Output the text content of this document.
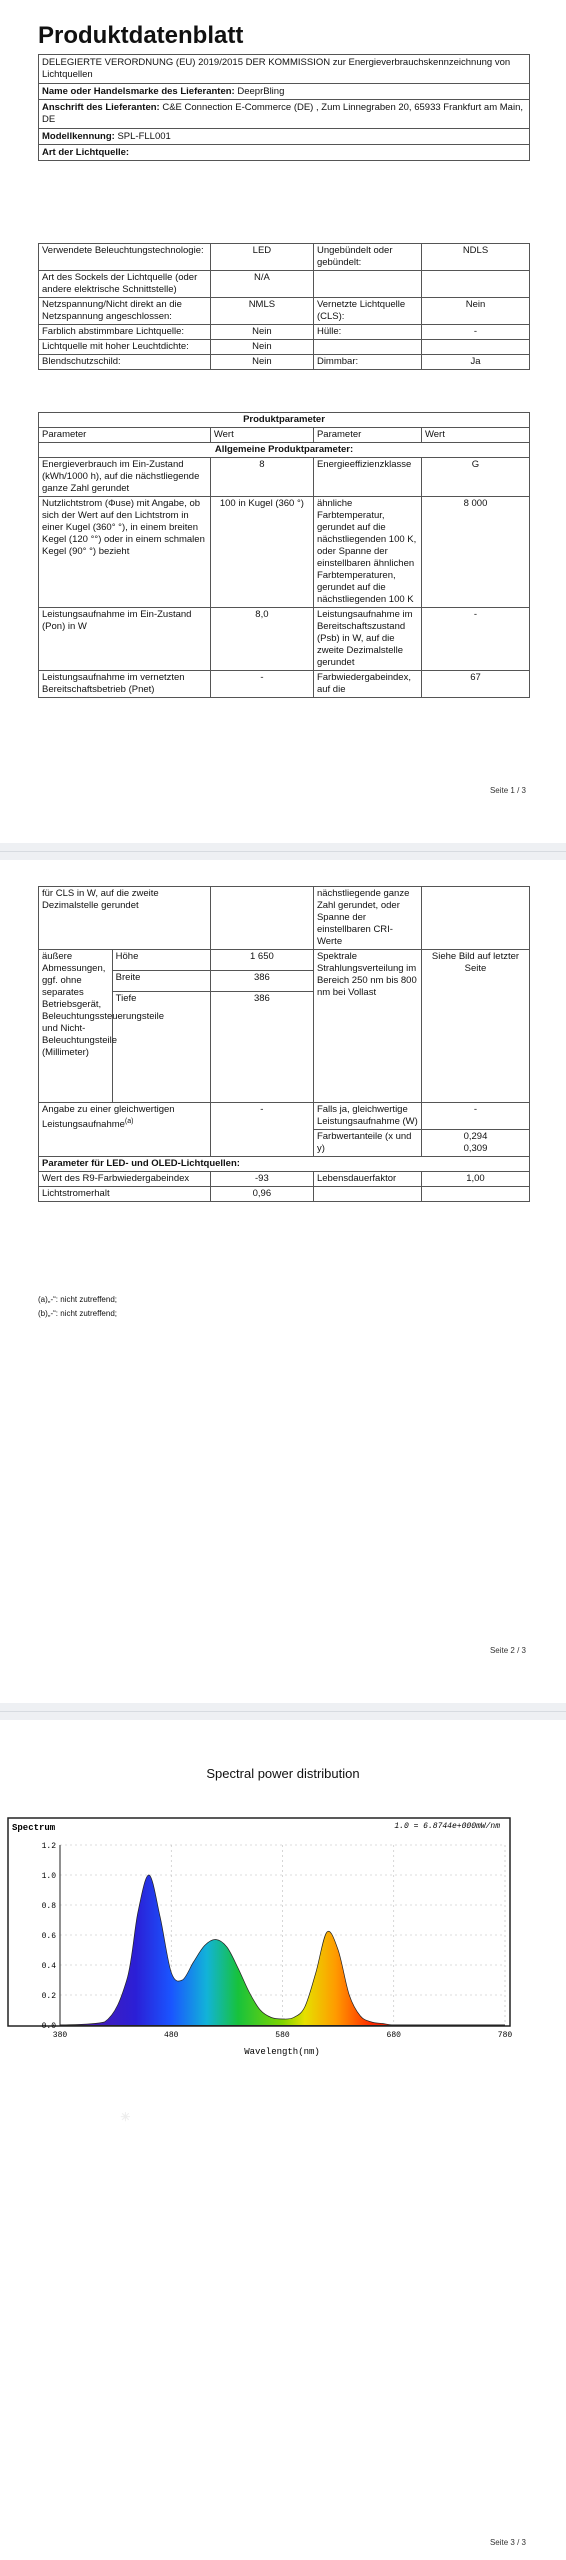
Produktdatenblatt
DELEGIERTE VERORDNUNG (EU) 2019/2015 DER KOMMISSION zur Energieverbrauchskennzeichnung von Lichtquellen
Name oder Handelsmarke des Lieferanten: DeeprBling
Anschrift des Lieferanten: C&E Connection E-Commerce (DE) , Zum Linnegraben 20, 65933 Frankfurt am Main, DE
Modellkennung: SPL-FLL001
Art der Lichtquelle:
Verwendete Beleuchtungstechnologie:	LED	Ungebündelt oder gebündelt:	NDLS
Art des Sockels der Lichtquelle (oder andere elektrische Schnittstelle)	N/A		
Netzspannung/Nicht direkt an die Netzspannung angeschlossen:	NMLS	Vernetzte Lichtquelle (CLS):	Nein
Farblich abstimmbare Lichtquelle:	Nein	Hülle:	-
Lichtquelle mit hoher Leuchtdichte:	Nein		
Blendschutzschild:	Nein	Dimmbar:	Ja
Produktparameter			
Parameter	Wert	Parameter	Wert
Allgemeine Produktparameter:			
Energieverbrauch im Ein-Zustand (kWh/1000 h), auf die nächstliegende ganze Zahl gerundet	8	Energieeffizienzklasse	G
Nutzlichtstrom (Φuse) mit Angabe, ob sich der Wert auf den Lichtstrom in einer Kugel (360° °), in einem breiten Kegel (120 °°) oder in einem schmalen Kegel (90° °) bezieht	100 in Kugel (360 °)	ähnliche Farbtemperatur, gerundet auf die nächstliegenden 100 K, oder Spanne der einstellbaren ähnlichen Farbtemperaturen, gerundet auf die nächstliegenden 100 K	8 000
Leistungsaufnahme im Ein-Zustand (Pon) in W	8,0	Leistungsaufnahme im Bereitschaftszustand (Psb) in W, auf die zweite Dezimalstelle gerundet	-
Leistungsaufnahme im vernetzten Bereitschaftsbetrieb (Pnet)	-	Farbwiedergabeindex, auf die	67
Seite 1 / 3
für CLS in W, auf die zweite Dezimalstelle gerundet			nächstliegende ganze Zahl gerundet, oder Spanne der einstellbaren CRI-Werte	
äußere Abmessungen, ggf. ohne separates Betriebsgerät, Beleuchtungssteuerungsteile und Nicht-Beleuchtungsteile (Millimeter)	Höhe	1 650	Spektrale Strahlungsverteilung im Bereich 250 nm bis 800 nm bei Vollast	Siehe Bild auf letzter Seite
	Breite	386		
	Tiefe	386		
Angabe zu einer gleichwertigen Leistungsaufnahme$^{(a)}$		-	Falls ja, gleichwertige Leistungsaufnahme (W)	-
			Farbwertanteile (x und y)	0,294
0,309

Parameter für LED- und OLED-Lichtquellen:				
Wert des R9-Farbwiedergabeindex		-93	Lebensdauerfaktor	1,00
Lichtstromerhalt		0,96		
(a)„-“: nicht zutreffend;
(b)„-“: nicht zutreffend;
Seite 2 / 3
Spectral power distribution
Spectrum	1.0 = 6.8744e+000mW/nm
Wavelength(nm)
0.0
0.2
0.4
0.6
0.8
1.0
1.2
380	480	580	680	780
☀
Seite 3 / 3
